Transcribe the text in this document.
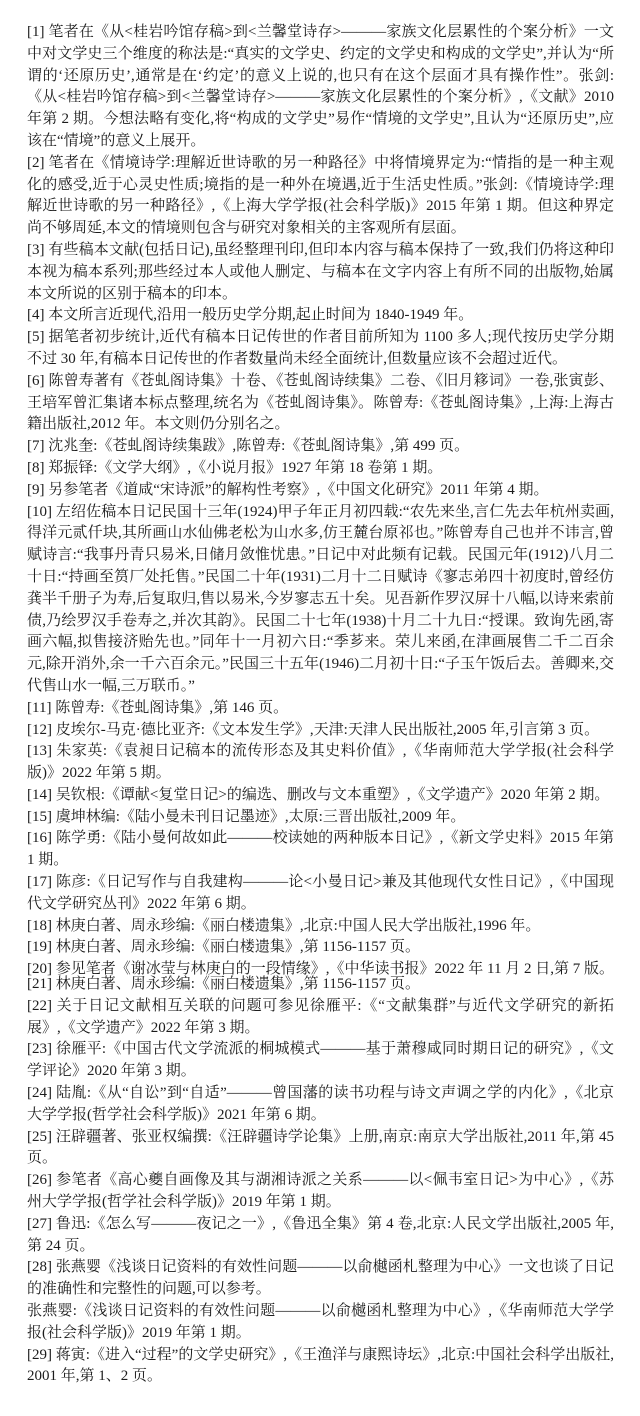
[1] 笔者在《从<桂岩吟馆存稿>到<兰馨堂诗存>———家族文化层累性的个案分析》一文中对文学史三个维度的称法是:“真实的文学史、约定的文学史和构成的文学史”,并认为“所谓的‘还原历史’,通常是在‘约定’的意义上说的,也只有在这个层面才具有操作性”。张剑:《从<桂岩吟馆存稿>到<兰馨堂诗存>———家族文化层累性的个案分析》,《文献》2010 年第 2 期。今想法略有变化,将“构成的文学史”易作“情境的文学史”,且认为“还原历史”,应该在“情境”的意义上展开。

[2] 笔者在《情境诗学:理解近世诗歌的另一种路径》中将情境界定为:“情指的是一种主观化的感受,近于心灵史性质;境指的是一种外在境遇,近于生活史性质。”张剑:《情境诗学:理解近世诗歌的另一种路径》,《上海大学学报(社会科学版)》2015 年第 1 期。但这种界定尚不够周延,本文的情境则包含与研究对象相关的主客观所有层面。

[3] 有些稿本文献(包括日记),虽经整理刊印,但印本内容与稿本保持了一致,我们仍将这种印本视为稿本系列;那些经过本人或他人删定、与稿本在文字内容上有所不同的出版物,始属本文所说的区别于稿本的印本。

[4] 本文所言近现代,沿用一般历史学分期,起止时间为 1840-1949 年。

[5] 据笔者初步统计,近代有稿本日记传世的作者目前所知为 1100 多人;现代按历史学分期不过 30 年,有稿本日记传世的作者数量尚未经全面统计,但数量应该不会超过近代。

[6] 陈曾寿著有《苍虬阁诗集》十卷、《苍虬阁诗续集》二卷、《旧月簃词》一卷,张寅彭、王培军曾汇集诸本标点整理,统名为《苍虬阁诗集》。陈曾寿:《苍虬阁诗集》,上海:上海古籍出版社,2012 年。本文则仍分别名之。

[7] 沈兆奎:《苍虬阁诗续集跋》,陈曾寿:《苍虬阁诗集》,第 499 页。

[8] 郑振铎:《文学大纲》,《小说月报》1927 年第 18 卷第 1 期。

[9] 另参笔者《道咸“宋诗派”的解构性考察》,《中国文化研究》2011 年第 4 期。

[10] 左绍佐稿本日记民国十三年(1924)甲子年正月初四载:“农先来坐,言仁先去年杭州卖画,得洋元贰仟块,其所画山水仙佛老松为山水多,仿王麓台原祁也。”陈曾寿自己也并不讳言,曾赋诗言:“我事丹青只易米,日储月敛惟忧患。”日记中对此频有记载。民国元年(1912)八月二十日:“持画至筼厂处托售。”民国二十年(1931)二月十二日赋诗《寥志弟四十初度时,曾经仿龚半千册子为寿,后复取归,售以易米,今岁寥志五十矣。见吾新作罗汉屏十八幅,以诗来索前债,乃绘罗汉手卷寿之,并次其韵》。民国二十七年(1938)十月二十九日:“授课。致询先函,寄画六幅,拟售接济贻先也。”同年十一月初六日:“季芗来。荣儿来函,在津画展售二千二百余元,除开消外,余一千六百余元。”民国三十五年(1946)二月初十日:“子玉午饭后去。善卿来,交代售山水一幅,三万联币。”

[11] 陈曾寿:《苍虬阁诗集》,第 146 页。

[12] 皮埃尔-马克·德比亚齐:《文本发生学》,天津:天津人民出版社,2005 年,引言第 3 页。

[13] 朱家英:《袁昶日记稿本的流传形态及其史料价值》,《华南师范大学学报(社会科学版)》2022 年第 5 期。

[14] 吴钦根:《谭献<复堂日记>的编选、删改与文本重塑》,《文学遗产》2020 年第 2 期。

[15] 虞坤林编:《陆小曼未刊日记墨迹》,太原:三晋出版社,2009 年。

[16] 陈学勇:《陆小曼何故如此———校读她的两种版本日记》,《新文学史料》2015 年第 1 期。

[17] 陈彦:《日记写作与自我建构———论<小曼日记>兼及其他现代女性日记》,《中国现代文学研究丛刊》2022 年第 6 期。

[18] 林庚白著、周永珍编:《丽白楼遗集》,北京:中国人民大学出版社,1996 年。

[19] 林庚白著、周永珍编:《丽白楼遗集》,第 1156-1157 页。

[20] 参见笔者《谢冰莹与林庚白的一段情缘》,《中华读书报》2022 年 11 月 2 日,第 7 版。

[21] 林庚白著、周永珍编:《丽白楼遗集》,第 1156-1157 页。

[22] 关于日记文献相互关联的问题可参见徐雁平:《“文献集群”与近代文学研究的新拓展》,《文学遗产》2022 年第 3 期。

[23] 徐雁平:《中国古代文学流派的桐城模式———基于萧穆咸同时期日记的研究》,《文学评论》2020 年第 3 期。

[24] 陆胤:《从“自讼”到“自适”———曾国藩的读书功程与诗文声调之学的内化》,《北京大学学报(哲学社会科学版)》2021 年第 6 期。

[25] 汪辟疆著、张亚权编撰:《汪辟疆诗学论集》上册,南京:南京大学出版社,2011 年,第 45 页。

[26] 参笔者《高心夔自画像及其与湖湘诗派之关系———以<佩韦室日记>为中心》,《苏州大学学报(哲学社会科学版)》2019 年第 1 期。

[27] 鲁迅:《怎么写———夜记之一》,《鲁迅全集》第 4 卷,北京:人民文学出版社,2005 年,第 24 页。

[28] 张燕婴《浅谈日记资料的有效性问题———以俞樾函札整理为中心》一文也谈了日记的准确性和完整性的问题,可以参考。

张燕婴:《浅谈日记资料的有效性问题———以俞樾函札整理为中心》,《华南师范大学学报(社会科学版)》2019 年第 1 期。

[29] 蒋寅:《进入“过程”的文学史研究》,《王渔洋与康熙诗坛》,北京:中国社会科学出版社,2001 年,第 1、2 页。
